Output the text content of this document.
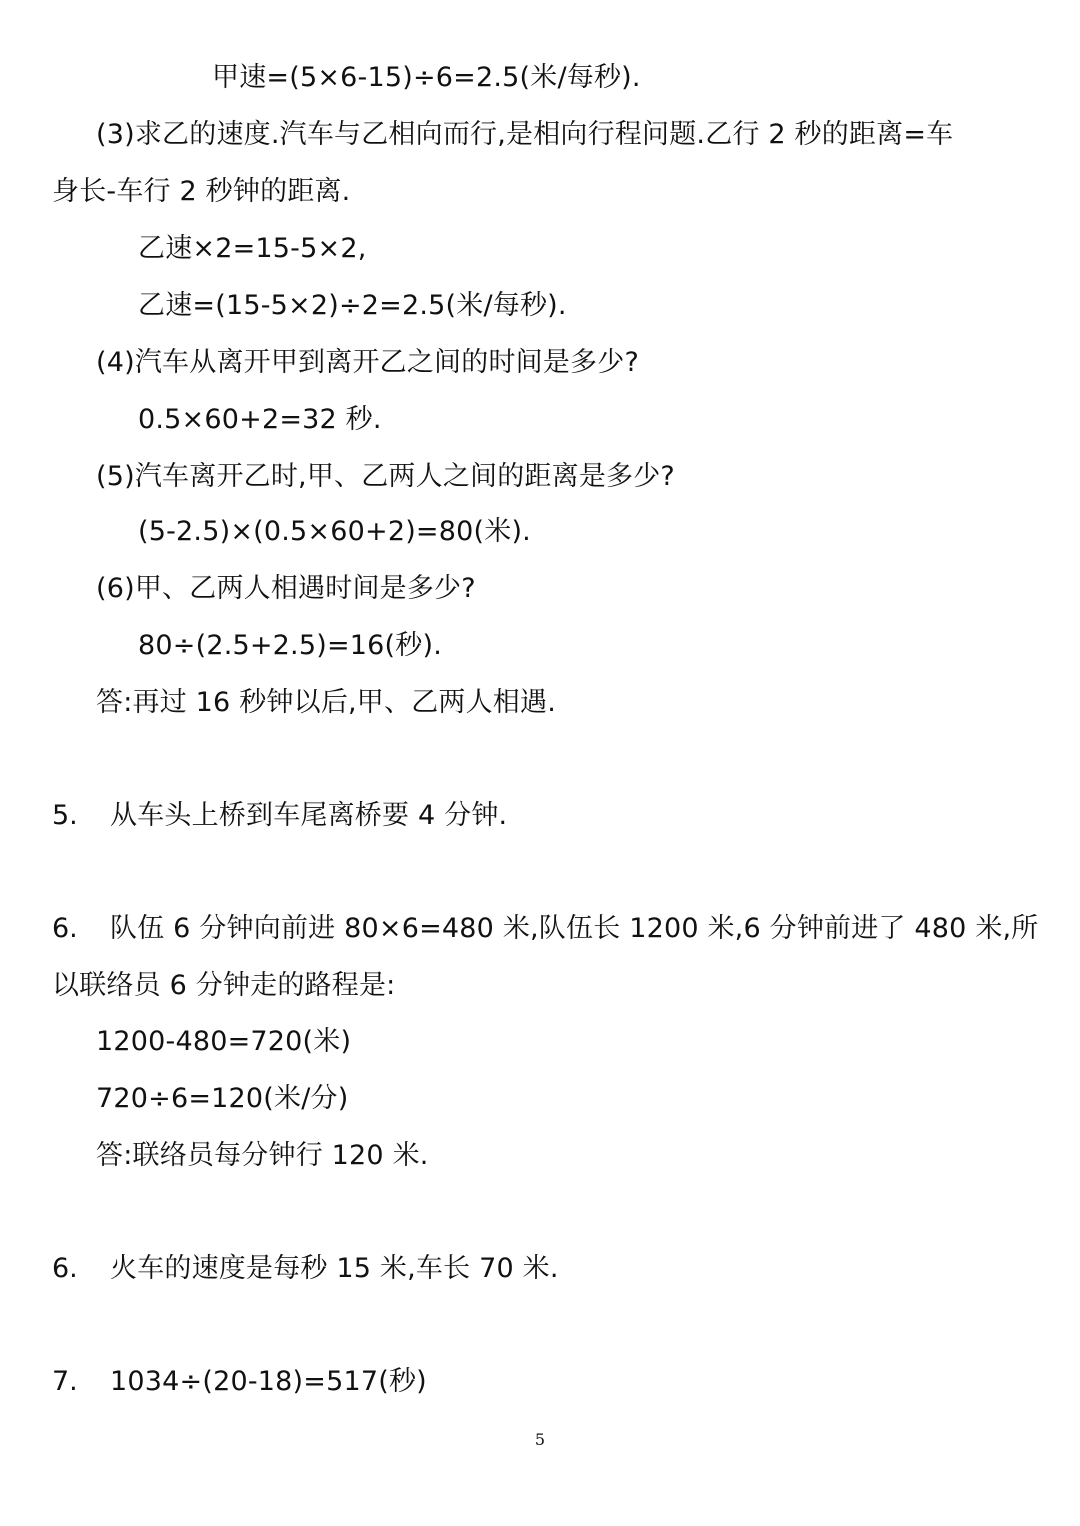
甲速=(5×6-15)÷6=2.5(米/每秒).
(3)求乙的速度.汽车与乙相向而行,是相向行程问题.乙行 2 秒的距离=车
身长-车行 2 秒钟的距离.
乙速×2=15-5×2,
乙速=(15-5×2)÷2=2.5(米/每秒).
(4)汽车从离开甲到离开乙之间的时间是多少?
0.5×60+2=32 秒.
(5)汽车离开乙时,甲、乙两人之间的距离是多少?
(5-2.5)×(0.5×60+2)=80(米).
(6)甲、乙两人相遇时间是多少?
80÷(2.5+2.5)=16(秒).
答:再过 16 秒钟以后,甲、乙两人相遇.
5. 从车头上桥到车尾离桥要 4 分钟.
6. 队伍 6 分钟向前进 80×6=480 米,队伍长 1200 米,6 分钟前进了 480 米,所
以联络员 6 分钟走的路程是:
1200-480=720(米)
720÷6=120(米/分)
答:联络员每分钟行 120 米.
6. 火车的速度是每秒 15 米,车长 70 米.
7. 1034÷(20-18)=517(秒)
5
